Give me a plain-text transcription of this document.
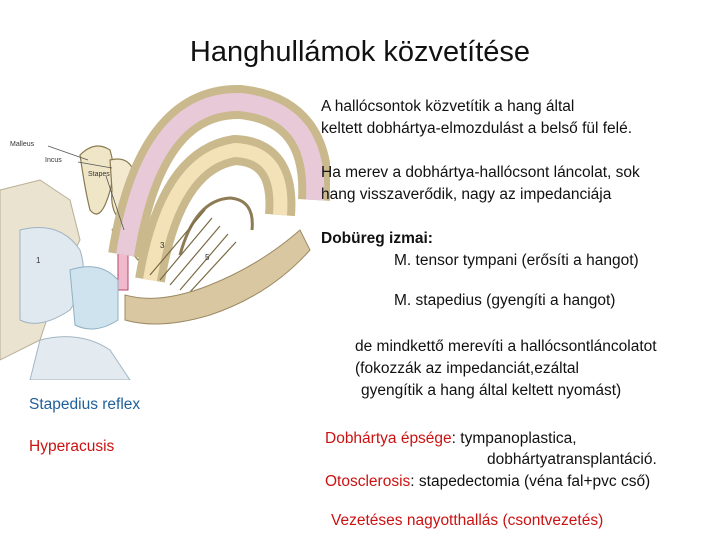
Hanghullámok közvetítése
Malleus
Incus
Stapes
1
3
5
A hallócsontok közvetítik a hang által
keltett dobhártya-elmozdulást a belső fül felé.
Ha merev a dobhártya-hallócsont láncolat, sok
hang visszaverődik, nagy az impedanciája
Dobüreg izmai:
M. tensor tympani (erősíti a hangot)
M. stapedius (gyengíti a hangot)
de mindkettő merevíti a hallócsontláncolatot
(fokozzák az impedanciát,ezáltal
gyengítik a hang által keltett nyomást)
Stapedius reflex
Hyperacusis	Dobhártya épsége: tympanoplastica,
dobhártyatransplantáció.
Otosclerosis: stapedectomia (véna fal+pvc cső)
Vezetéses nagyotthallás (csontvezetés)
